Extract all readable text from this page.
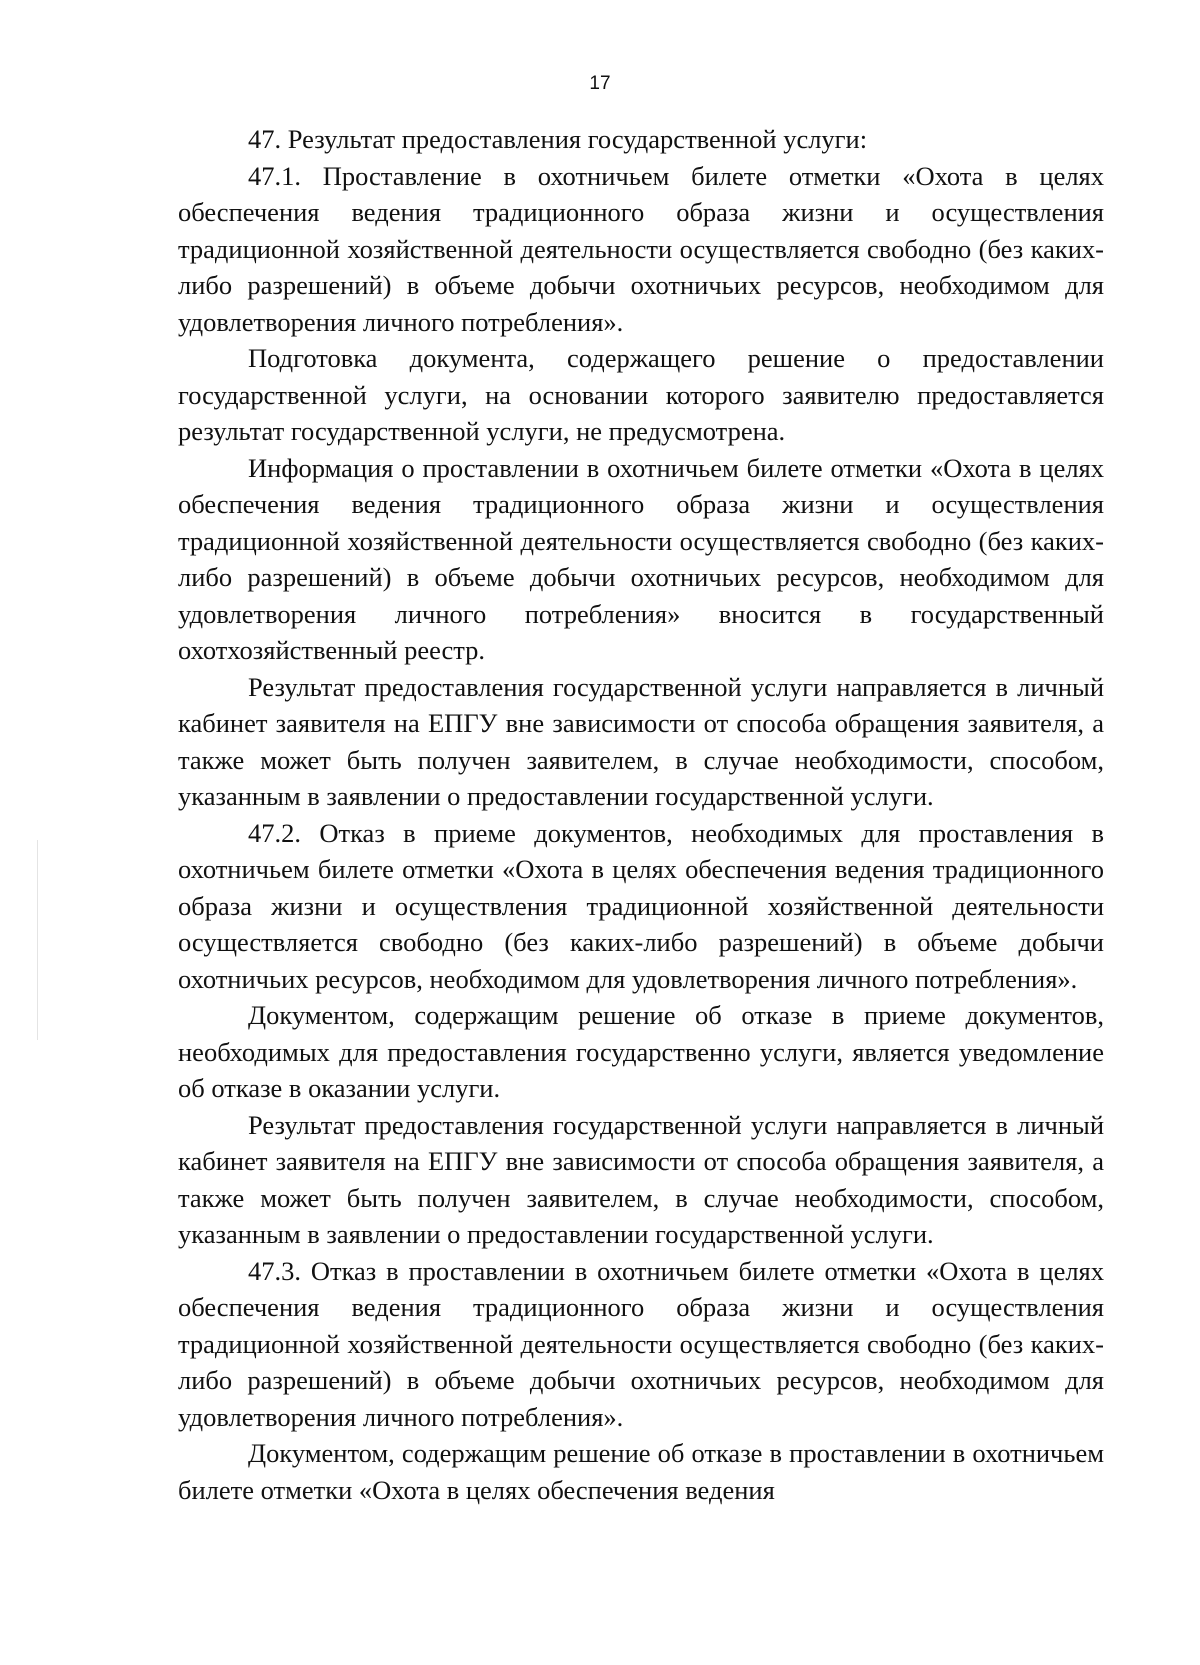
17

47. Результат предоставления государственной услуги:

47.1. Проставление в охотничьем билете отметки «Охота в целях обеспечения ведения традиционного образа жизни и осуществления традиционной хозяйственной деятельности осуществляется свободно (без каких-либо разрешений) в объеме добычи охотничьих ресурсов, необходимом для удовлетворения личного потребления».

Подготовка документа, содержащего решение о предоставлении государственной услуги, на основании которого заявителю предоставляется результат государственной услуги, не предусмотрена.

Информация о проставлении в охотничьем билете отметки «Охота в целях обеспечения ведения традиционного образа жизни и осуществления традиционной хозяйственной деятельности осуществляется свободно (без каких-либо разрешений) в объеме добычи охотничьих ресурсов, необходимом для удовлетворения личного потребления» вносится в государственный охотхозяйственный реестр.

Результат предоставления государственной услуги направляется в личный кабинет заявителя на ЕПГУ вне зависимости от способа обращения заявителя, а также может быть получен заявителем, в случае необходимости, способом, указанным в заявлении о предоставлении государственной услуги.

47.2. Отказ в приеме документов, необходимых для проставления в охотничьем билете отметки «Охота в целях обеспечения ведения традиционного образа жизни и осуществления традиционной хозяйственной деятельности осуществляется свободно (без каких-либо разрешений) в объеме добычи охотничьих ресурсов, необходимом для удовлетворения личного потребления».

Документом, содержащим решение об отказе в приеме документов, необходимых для предоставления государственно услуги, является уведомление об отказе в оказании услуги.

Результат предоставления государственной услуги направляется в личный кабинет заявителя на ЕПГУ вне зависимости от способа обращения заявителя, а также может быть получен заявителем, в случае необходимости, способом, указанным в заявлении о предоставлении государственной услуги.

47.3. Отказ в проставлении в охотничьем билете отметки «Охота в целях обеспечения ведения традиционного образа жизни и осуществления традиционной хозяйственной деятельности осуществляется свободно (без каких-либо разрешений) в объеме добычи охотничьих ресурсов, необходимом для удовлетворения личного потребления».

Документом, содержащим решение об отказе в проставлении в охотничьем билете отметки «Охота в целях обеспечения ведения
